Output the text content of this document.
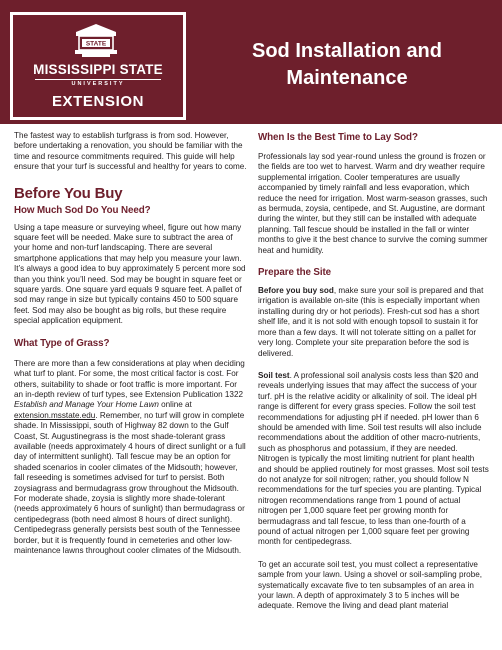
STATE
MISSISSIPPI STATE
UNIVERSITY
EXTENSION
Sod Installation and Maintenance

The fastest way to establish turfgrass is from sod. However, before undertaking a renovation, you should be familiar with the time and resource commitments required. This guide will help ensure that your turf is successful and healthy for years to come.

Before You Buy
How Much Sod Do You Need?

Using a tape measure or surveying wheel, figure out how many square feet will be needed. Make sure to subtract the area of your home and non-turf landscaping. There are several smartphone applications that may help you measure your lawn. It’s always a good idea to buy approximately 5 percent more sod than you think you’ll need. Sod may be bought in square feet or square yards. One square yard equals 9 square feet. A pallet of sod may range in size but typically contains 450 to 500 square feet. Sod may also be bought as big rolls, but these require special application equipment.

What Type of Grass?

There are more than a few considerations at play when deciding what turf to plant. For some, the most critical factor is cost. For others, suitability to shade or foot traffic is more important. For an in-depth review of turf types, see Extension Publication 1322 Establish and Manage Your Home Lawn online at extension.msstate.edu. Remember, no turf will grow in complete shade. In Mississippi, south of Highway 82 down to the Gulf Coast, St. Augustinegrass is the most shade-tolerant grass available (needs approximately 4 hours of direct sunlight or a full day of intermittent sunlight). Tall fescue may be an option for shaded scenarios in cooler climates of the Midsouth; however, fall reseeding is sometimes advised for turf to persist. Both zoysiagrass and bermudagrass grow throughout the Midsouth. For moderate shade, zoysia is slightly more shade-tolerant (needs approximately 6 hours of sunlight) than bermudagrass or centipedegrass (both need almost 8 hours of direct sunlight). Centipedegrass generally persists best south of the Tennessee border, but it is frequently found in cemeteries and other low-maintenance lawns throughout cooler climates of the Midsouth.

When Is the Best Time to Lay Sod?

Professionals lay sod year-round unless the ground is frozen or the fields are too wet to harvest. Warm and dry weather require supplemental irrigation. Cooler temperatures are usually accompanied by timely rainfall and less evaporation, which reduce the need for irrigation. Most warm-season grasses, such as bermuda, zoysia, centipede, and St. Augustine, are dormant during the winter, but they still can be installed with adequate planning. Tall fescue should be installed in the fall or winter months to give it the best chance to survive the coming summer heat and humidity.

Prepare the Site

Before you buy sod, make sure your soil is prepared and that irrigation is available on-site (this is especially important when installing during dry or hot periods). Fresh-cut sod has a short shelf life, and it is not sold with enough topsoil to sustain it for more than a few days. It will not tolerate sitting on a pallet for very long. Complete your site preparation before the sod is delivered.

Soil test. A professional soil analysis costs less than $20 and reveals underlying issues that may affect the success of your turf. pH is the relative acidity or alkalinity of soil. The ideal pH range is different for every grass species. Follow the soil test recommendations for adjusting pH if needed. pH lower than 6 should be amended with lime. Soil test results will also include recommendations about the addition of other macro-nutrients, such as phosphorus and potassium, if they are needed. Nitrogen is typically the most limiting nutrient for plant health and should be applied routinely for most grasses. Most soil tests do not analyze for soil nitrogen; rather, you should follow N recommendations for the turf species you are planting. Typical nitrogen recommendations range from 1 pound of actual nitrogen per 1,000 square feet per growing month for bermudagrass and tall fescue, to less than one-fourth of a pound of actual nitrogen per 1,000 square feet per growing month for centipedegrass.

To get an accurate soil test, you must collect a representative sample from your lawn. Using a shovel or soil-sampling probe, systematically excavate five to ten subsamples of an area in your lawn. A depth of approximately 3 to 5 inches will be adequate. Remove the living and dead plant material
